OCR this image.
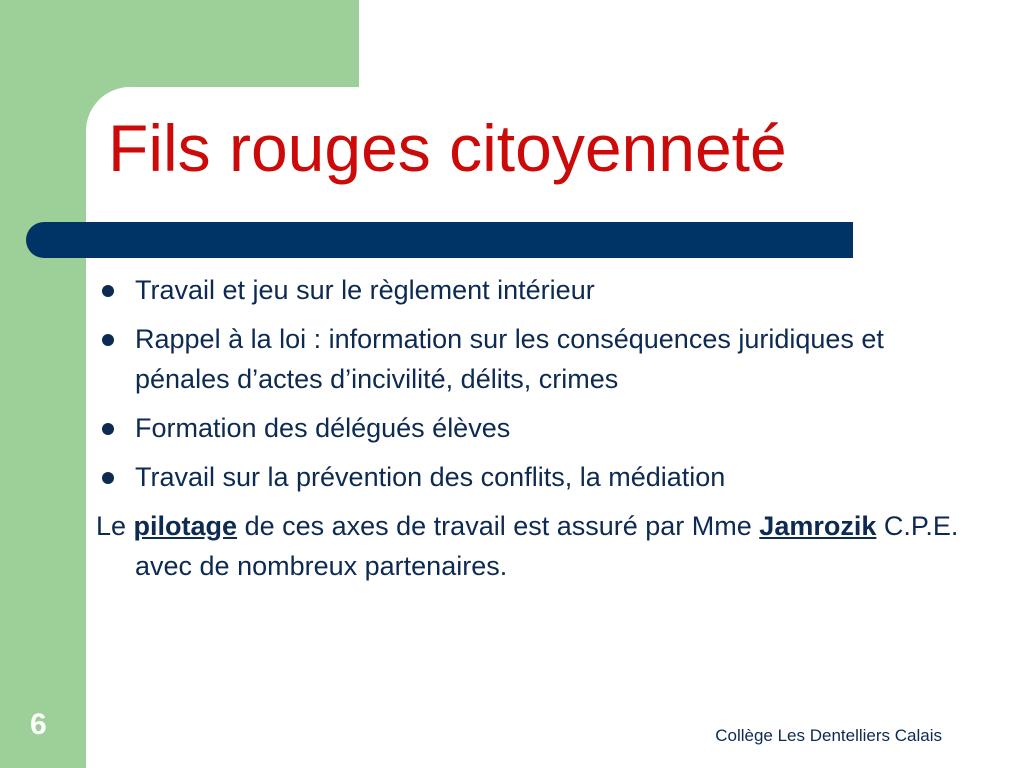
Fils rouges citoyenneté
Travail et jeu sur le règlement intérieur
Rappel à la loi : information sur les conséquences juridiques et pénales d’actes d’incivilité, délits, crimes
Formation des délégués élèves
Travail sur la prévention des conflits, la médiation

Le pilotage de ces axes de travail est assuré par Mme Jamrozik C.P.E. avec de nombreux partenaires.

6	Collège Les Dentelliers Calais
